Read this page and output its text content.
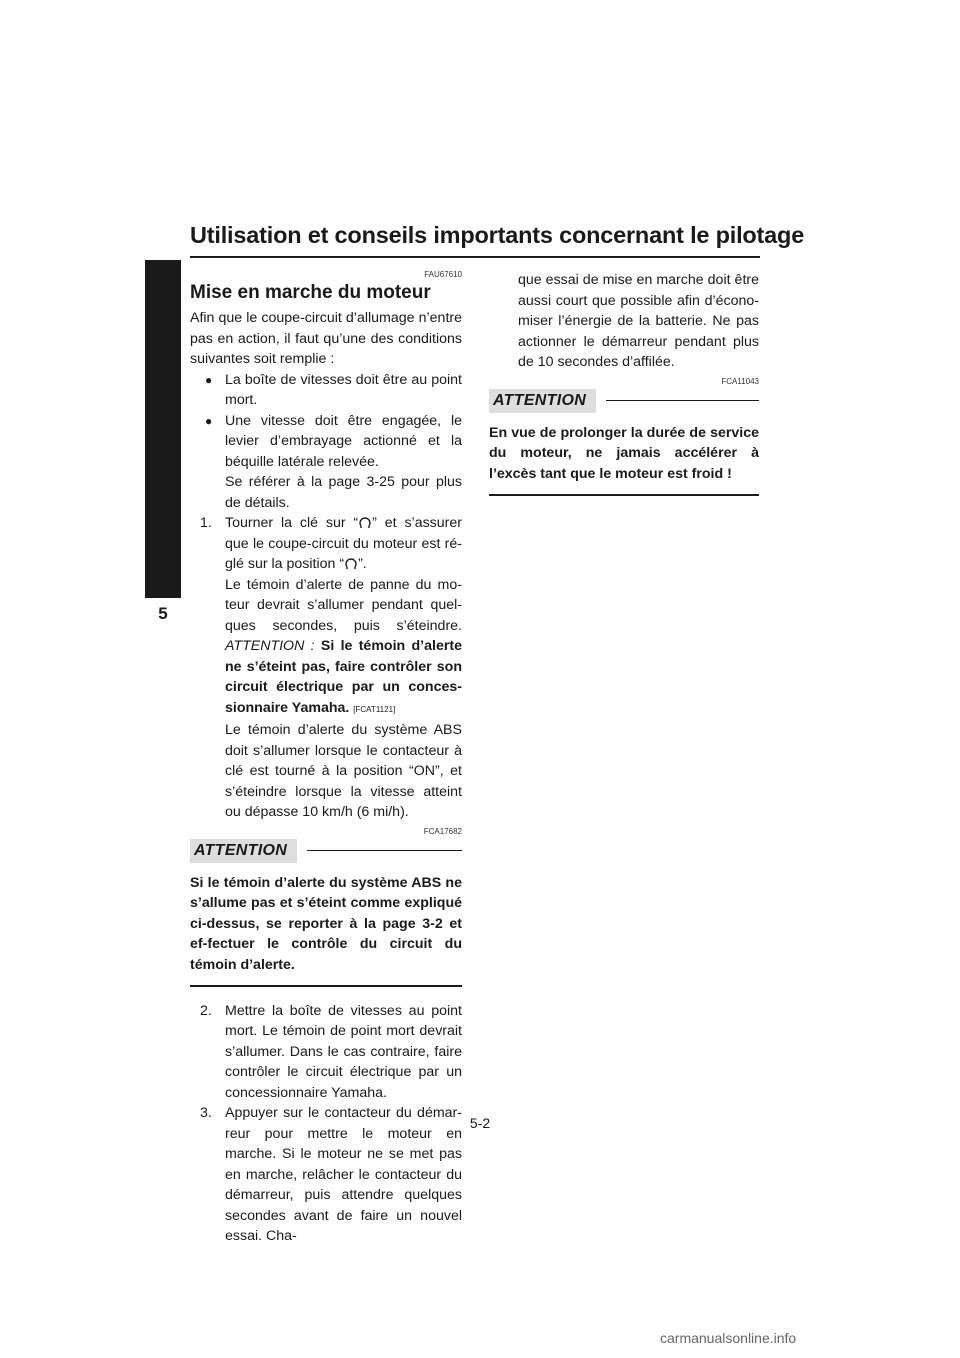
Utilisation et conseils importants concernant le pilotage
5

FAU67610

Mise en marche du moteur

Afin que le coupe-circuit d’allumage n’entre pas en action, il faut qu’une des conditions suivantes soit remplie :

● La boîte de vitesses doit être au point mort.
● Une vitesse doit être engagée, le levier d’embrayage actionné et la béquille latérale relevée.

Se référer à la page 3-25 pour plus de détails.

1. Tourner la clé sur “ ” et s’assurer que le coupe-circuit du moteur est ré-glé sur la position “ ”.

Le témoin d’alerte de panne du mo-teur devrait s’allumer pendant quel-ques secondes, puis s’éteindre. ATTENTION : Si le témoin d’alerte ne s’éteint pas, faire contrôler son circuit électrique par un conces-sionnaire Yamaha. [FCAT1121]

Le témoin d’alerte du système ABS doit s’allumer lorsque le contacteur à clé est tourné à la position “ON”, et s’éteindre lorsque la vitesse atteint ou dépasse 10 km/h (6 mi/h).

FCA17682

ATTENTION

Si le témoin d’alerte du système ABS ne s’allume pas et s’éteint comme expliqué ci-dessus, se reporter à la page 3-2 et ef-fectuer le contrôle du circuit du témoin d’alerte.

2. Mettre la boîte de vitesses au point mort. Le témoin de point mort devrait s’allumer. Dans le cas contraire, faire contrôler le circuit électrique par un concessionnaire Yamaha.

3. Appuyer sur le contacteur du démar-reur pour mettre le moteur en marche. Si le moteur ne se met pas en marche, relâcher le contacteur du démarreur, puis attendre quelques secondes avant de faire un nouvel essai. Cha-

que essai de mise en marche doit être aussi court que possible afin d’écono-miser l’énergie de la batterie. Ne pas actionner le démarreur pendant plus de 10 secondes d’affilée.

FCA11043

ATTENTION

En vue de prolonger la durée de service du moteur, ne jamais accélérer à l’excès tant que le moteur est froid !

5-2
carmanualsonline.info
